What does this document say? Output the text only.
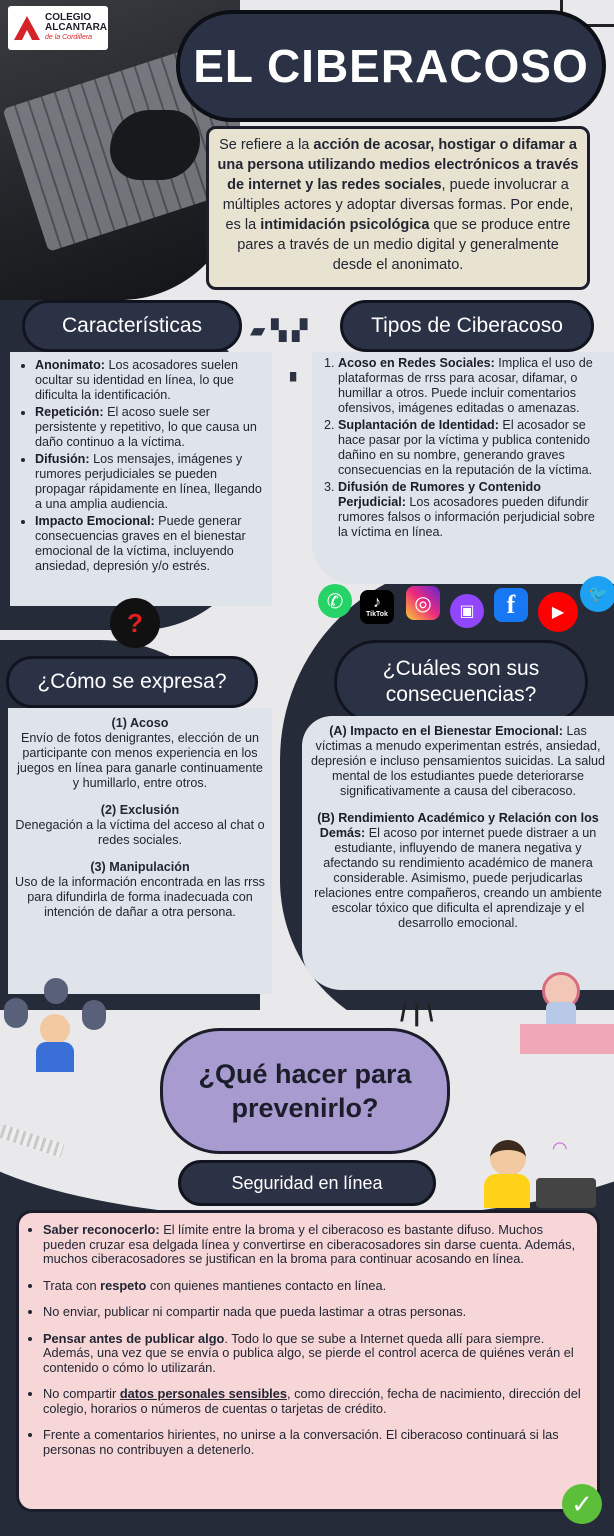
COLEGIO
ALCANTARA
de la Cordillera
EL CIBERACOSO
Se refiere a la acción de acosar, hostigar o difamar a una persona utilizando medios electrónicos a través de internet y las redes sociales, puede involucrar a múltiples actores y adoptar diversas formas. Por ende, es la intimidación psicológica que se produce entre pares a través de un medio digital y generalmente desde el anonimato.
▰ ▚ ▞
▘
Características
• Anonimato: Los acosadores suelen ocultar su identidad en línea, lo que dificulta la identificación.
• Repetición: El acoso suele ser persistente y repetitivo, lo que causa un daño continuo a la víctima.
• Difusión: Los mensajes, imágenes y rumores perjudiciales se pueden propagar rápidamente en línea, llegando a una amplia audiencia.
• Impacto Emocional: Puede generar consecuencias graves en el bienestar emocional de la víctima, incluyendo ansiedad, depresión y/o estrés.
Tipos de Ciberacoso
1. Acoso en Redes Sociales: Implica el uso de plataformas de rrss para acosar, difamar, o humillar a otros. Puede incluir comentarios ofensivos, imágenes editadas o amenazas.
2. Suplantación de Identidad: El acosador se hace pasar por la víctima y publica contenido dañino en su nombre, generando graves consecuencias en la reputación de la víctima.
3. Difusión de Rumores y Contenido Perjudicial: Los acosadores pueden difundir rumores falsos o información perjudicial sobre la víctima en línea.
?
✆	♪
TikTok	◎	▣	f	▶
🐦
¿Cómo se expresa?
(1) Acoso
Envío de fotos denigrantes, elección de un participante con menos experiencia en los juegos en línea para ganarle continuamente y humillarlo, entre otros.
(2) Exclusión
Denegación a la víctima del acceso al chat o redes sociales.
(3) Manipulación
Uso de la información encontrada en las rrss para difundirla de forma inadecuada con intención de dañar a otra persona.
¿Cuáles son sus
consecuencias?
(A) Impacto en el Bienestar Emocional: Las víctimas a menudo experimentan estrés, ansiedad, depresión e incluso pensamientos suicidas. La salud mental de los estudiantes puede deteriorarse significativamente a causa del ciberacoso.
(B) Rendimiento Académico y Relación con los Demás: El acoso por internet puede distraer a un estudiante, influyendo de manera negativa y afectando su rendimiento académico de manera considerable. Asimismo, puede perjudicarlas relaciones entre compañeros, creando un ambiente escolar tóxico que dificulta el aprendizaje y el desarrollo emocional.
/ | \
¿Qué hacer para
prevenirlo?
◠
Seguridad en línea
• Saber reconocerlo: El límite entre la broma y el ciberacoso es bastante difuso. Muchos pueden cruzar esa delgada línea y convertirse en ciberacosadores sin darse cuenta. Además, muchos ciberacosadores se justifican en la broma para continuar acosando en línea.
• Trata con respeto con quienes mantienes contacto en línea.
• No enviar, publicar ni compartir nada que pueda lastimar a otras personas.
• Pensar antes de publicar algo. Todo lo que se sube a Internet queda allí para siempre. Además, una vez que se envía o publica algo, se pierde el control acerca de quiénes verán el contenido o cómo lo utilizarán.
• No compartir datos personales sensibles, como dirección, fecha de nacimiento, dirección del colegio, horarios o números de cuentas o tarjetas de crédito.
• Frente a comentarios hirientes, no unirse a la conversación. El ciberacoso continuará si las personas no contribuyen a detenerlo.
✓
